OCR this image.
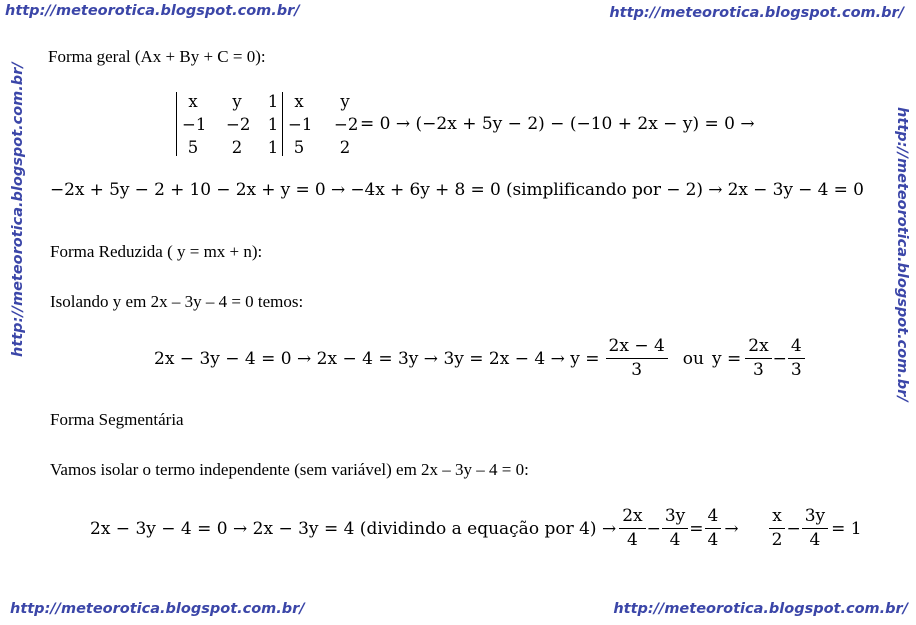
http://meteorotica.blogspot.com.br/	http://meteorotica.blogspot.com.br/
http://meteorotica.blogspot.com.br/	http://meteorotica.blogspot.com.br/
http://meteorotica.blogspot.com.br/	http://meteorotica.blogspot.com.br/
Forma geral (Ax + By + C = 0):
x	y	1 x	y
−1 −2	1 −1 −2
5	2	1 5	2
= 0 → (−2x + 5y − 2) − (−10 + 2x − y) = 0 →
−2x + 5y − 2 + 10 − 2x + y = 0 → −4x + 6y + 8 = 0 (simplificando por − 2) → 2x − 3y − 4 = 0
Forma Reduzida ( y = mx + n):
Isolando y em 2x – 3y – 4 = 0 temos:
$2x - 3y - 4 = 0 \to 2x - 4 = 3y \to 3y = 2x - 4 \to y = \frac{2x - 4}{3}$ ou $y = \frac{2x}{3} - \frac{4}{3}$
Forma Segmentária
Vamos isolar o termo independente (sem variável) em 2x – 3y – 4 = 0:
2x − 3y − 4 = 0 → 2x − 3y = 4 (dividindo a equação por $4) \to \frac{2x}{4} - \frac{3y}{4} = \frac{4}{4} \to \frac{x}{2} - \frac{3y}{4} = 1$
